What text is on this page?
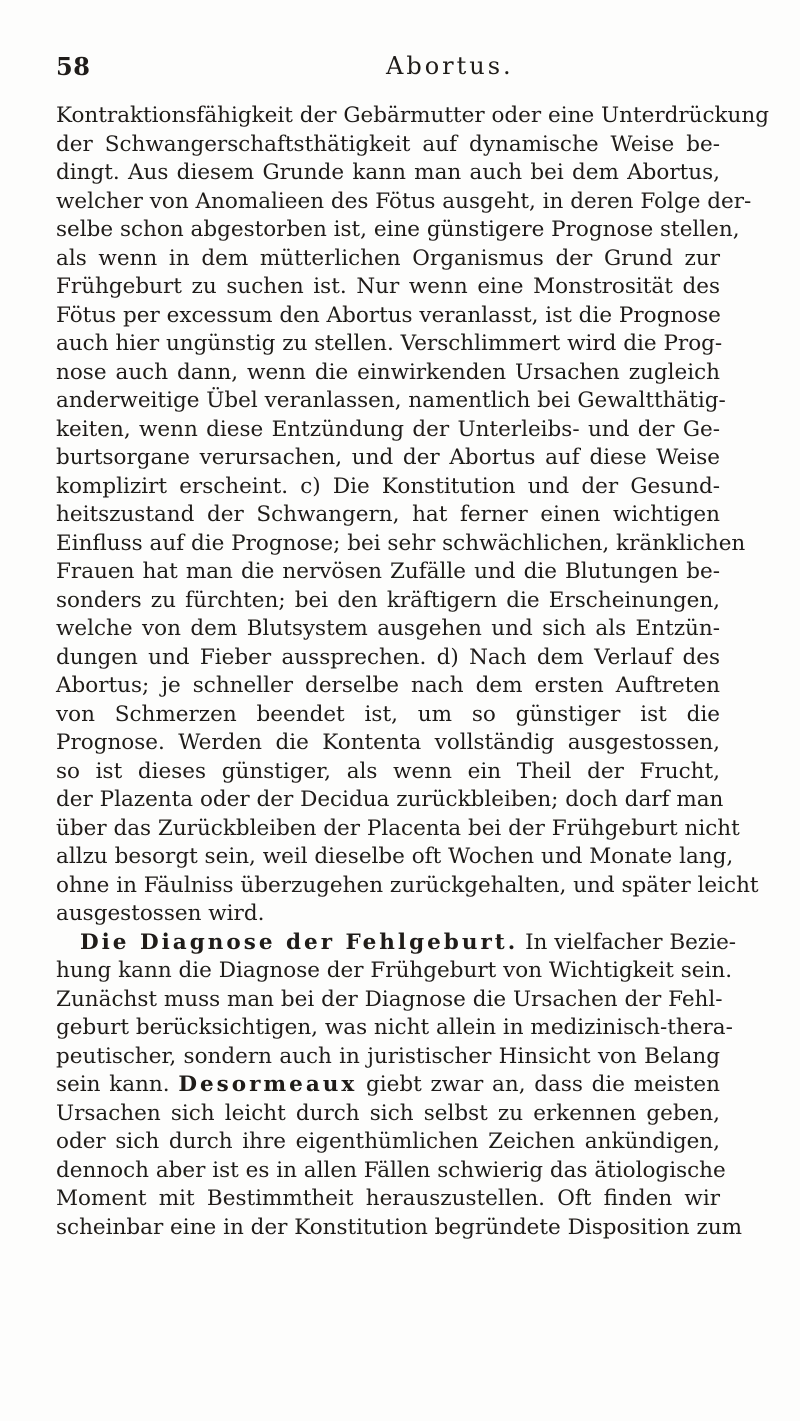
58	Abortus.
Kontraktionsfähigkeit der Gebärmutter oder eine Unterdrückung
der Schwangerschaftsthätigkeit auf dynamische Weise be-
dingt. Aus diesem Grunde kann man auch bei dem Abortus,
welcher von Anomalieen des Fötus ausgeht, in deren Folge der-
selbe schon abgestorben ist, eine günstigere Prognose stellen,
als wenn in dem mütterlichen Organismus der Grund zur
Frühgeburt zu suchen ist. Nur wenn eine Monstrosität des
Fötus per excessum den Abortus veranlasst, ist die Prognose
auch hier ungünstig zu stellen. Verschlimmert wird die Prog-
nose auch dann, wenn die einwirkenden Ursachen zugleich
anderweitige Übel veranlassen, namentlich bei Gewaltthätig-
keiten, wenn diese Entzündung der Unterleibs- und der Ge-
burtsorgane verursachen, und der Abortus auf diese Weise
komplizirt erscheint. c) Die Konstitution und der Gesund-
heitszustand der Schwangern, hat ferner einen wichtigen
Einfluss auf die Prognose; bei sehr schwächlichen, kränklichen
Frauen hat man die nervösen Zufälle und die Blutungen be-
sonders zu fürchten; bei den kräftigern die Erscheinungen,
welche von dem Blutsystem ausgehen und sich als Entzün-
dungen und Fieber aussprechen. d) Nach dem Verlauf des
Abortus; je schneller derselbe nach dem ersten Auftreten
von Schmerzen beendet ist, um so günstiger ist die
Prognose. Werden die Kontenta vollständig ausgestossen,
so ist dieses günstiger, als wenn ein Theil der Frucht,
der Plazenta oder der Decidua zurückbleiben; doch darf man
über das Zurückbleiben der Placenta bei der Frühgeburt nicht
allzu besorgt sein, weil dieselbe oft Wochen und Monate lang,
ohne in Fäulniss überzugehen zurückgehalten, und später leicht
ausgestossen wird.
Die Diagnose der Fehlgeburt. In vielfacher Bezie-
hung kann die Diagnose der Frühgeburt von Wichtigkeit sein.
Zunächst muss man bei der Diagnose die Ursachen der Fehl-
geburt berücksichtigen, was nicht allein in medizinisch-thera-
peutischer, sondern auch in juristischer Hinsicht von Belang
sein kann. Desormeaux giebt zwar an, dass die meisten
Ursachen sich leicht durch sich selbst zu erkennen geben,
oder sich durch ihre eigenthümlichen Zeichen ankündigen,
dennoch aber ist es in allen Fällen schwierig das ätiologische
Moment mit Bestimmtheit herauszustellen. Oft finden wir
scheinbar eine in der Konstitution begründete Disposition zum
